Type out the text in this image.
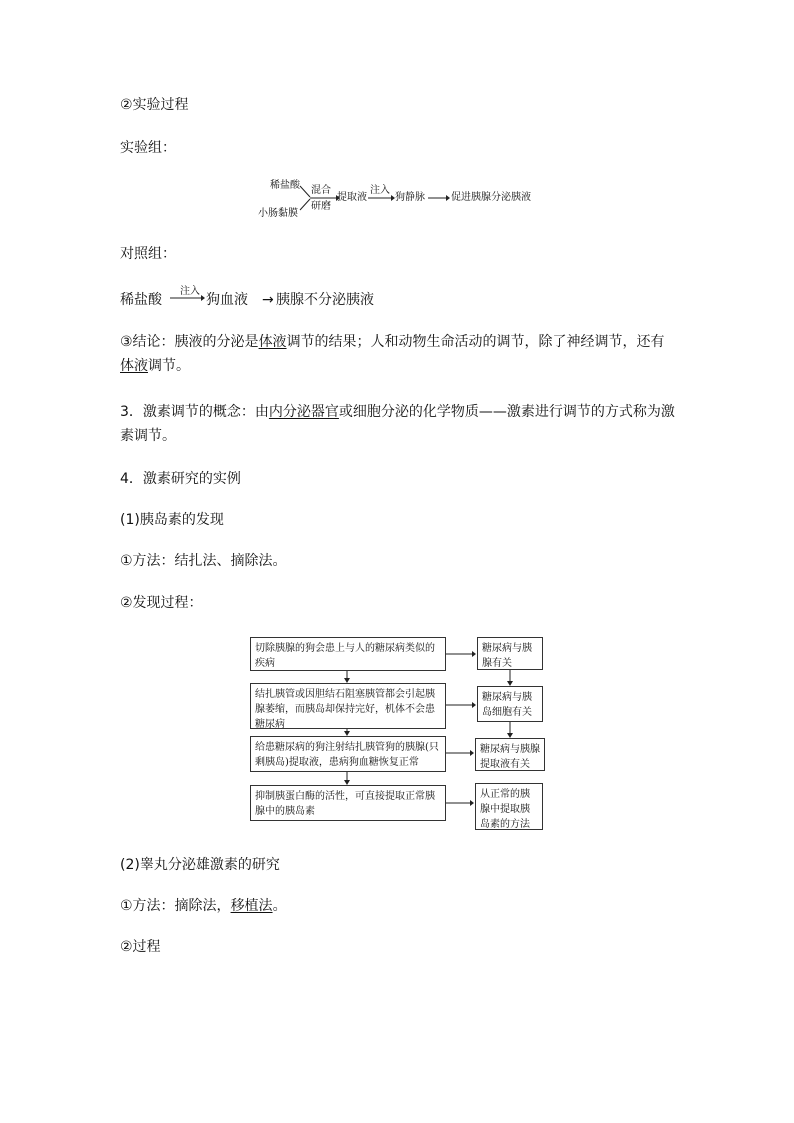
②实验过程
实验组：
稀盐酸
小肠黏膜
混合
研磨
提取液
注入
狗静脉	促进胰腺分泌胰液
对照组：
稀盐酸
注入
狗血液 → 胰腺不分泌胰液
③结论：胰液的分泌是体液调节的结果；人和动物生命活动的调节，除了神经调节，还有体液调节。
3．激素调节的概念：由内分泌器官或细胞分泌的化学物质——激素进行调节的方式称为激素调节。
4．激素研究的实例
(1)胰岛素的发现
①方法：结扎法、摘除法。
②发现过程：
切除胰腺的狗会患上与人的糖尿病类似的疾病
结扎胰管或因胆结石阻塞胰管都会引起胰腺萎缩，而胰岛却保持完好，机体不会患糖尿病
给患糖尿病的狗注射结扎胰管狗的胰腺(只剩胰岛)提取液，患病狗血糖恢复正常
抑制胰蛋白酶的活性，可直接提取正常胰腺中的胰岛素
糖尿病与胰腺有关
糖尿病与胰岛细胞有关
糖尿病与胰腺提取液有关
从正常的胰腺中提取胰岛素的方法
(2)睾丸分泌雄激素的研究
①方法：摘除法，移植法。
②过程
